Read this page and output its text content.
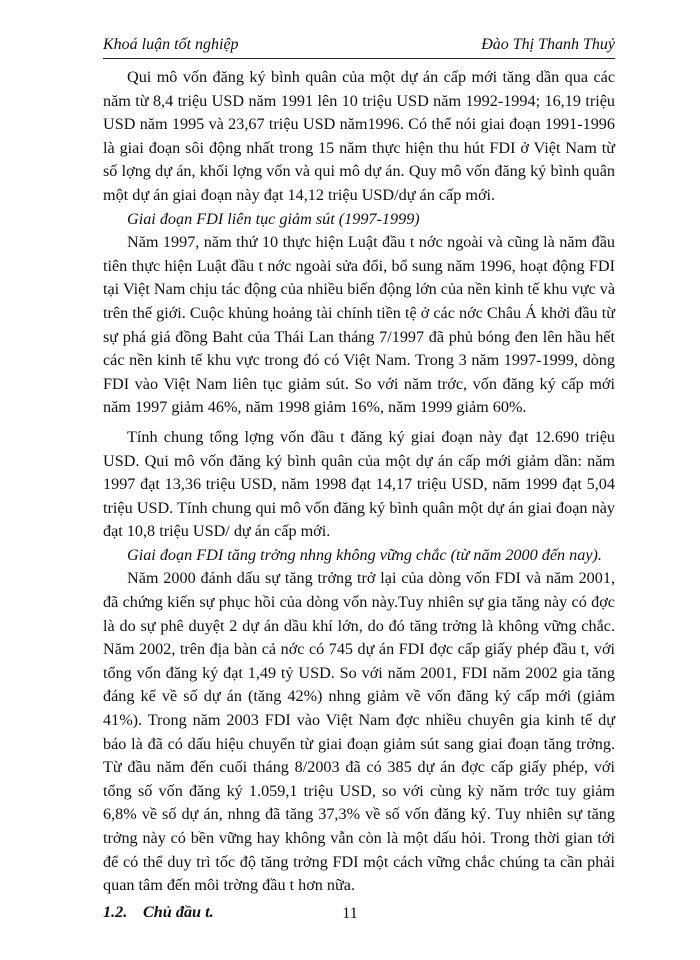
Khoá luận tốt nghiệp	Đào Thị Thanh Thuỷ

Qui mô vốn đăng ký bình quân của một dự án cấp mới tăng dần qua các năm từ 8,4 triệu USD năm 1991 lên 10 triệu USD năm 1992-1994; 16,19 triệu USD năm 1995 và 23,67 triệu USD năm1996. Có thể nói giai đoạn 1991-1996 là giai đoạn sôi động nhất trong 15 năm thực hiện thu hút FDI ở Việt Nam từ số lợng dự án, khối lợng vốn và qui mô dự án. Quy mô vốn đăng ký bình quân một dự án giai đoạn này đạt 14,12 triệu USD/dự án cấp mới.

Giai đoạn FDI liên tục giảm sút (1997-1999)

Năm 1997, năm thứ 10 thực hiện Luật đầu t nớc ngoài và cũng là năm đầu tiên thực hiện Luật đầu t nớc ngoài sửa đổi, bổ sung năm 1996, hoạt động FDI tại Việt Nam chịu tác động của nhiều biến động lớn của nền kinh tế khu vực và trên thế giới. Cuộc khủng hoảng tài chính tiền tệ ở các nớc Châu Á khởi đầu từ sự phá giá đồng Baht của Thái Lan tháng 7/1997 đã phủ bóng đen lên hầu hết các nền kinh tế khu vực trong đó có Việt Nam. Trong 3 năm 1997-1999, dòng FDI vào Việt Nam liên tục giảm sút. So với năm trớc, vốn đăng ký cấp mới năm 1997 giảm 46%, năm 1998 giảm 16%, năm 1999 giảm 60%.

Tính chung tổng lợng vốn đầu t đăng ký giai đoạn này đạt 12.690 triệu USD. Qui mô vốn đăng ký bình quân của một dự án cấp mới giảm dần: năm 1997 đạt 13,36 triệu USD, năm 1998 đạt 14,17 triệu USD, năm 1999 đạt 5,04 triệu USD. Tính chung qui mô vốn đăng ký bình quân một dự án giai đoạn này đạt 10,8 triệu USD/ dự án cấp mới.

Giai đoạn FDI tăng trởng nhng không vững chắc (từ năm 2000 đến nay).

Năm 2000 đánh dấu sự tăng trởng trở lại của dòng vốn FDI và năm 2001, đã chứng kiến sự phục hồi của dòng vốn này.Tuy nhiên sự gia tăng này có đợc là do sự phê duyệt 2 dự án dầu khí lớn, do đó tăng trởng là không vững chắc. Năm 2002, trên địa bàn cả nớc có 745 dự án FDI đợc cấp giấy phép đầu t, với tổng vốn đăng ký đạt 1,49 tỷ USD. So với năm 2001, FDI năm 2002 gia tăng đáng kể về số dự án (tăng 42%) nhng giảm về vốn đăng ký cấp mới (giảm 41%). Trong năm 2003 FDI vào Việt Nam đợc nhiều chuyên gia kinh tế dự báo là đã có dấu hiệu chuyển từ giai đoạn giảm sút sang giai đoạn tăng trởng. Từ đầu năm đến cuối tháng 8/2003 đã có 385 dự án đợc cấp giấy phép, với tổng số vốn đăng ký 1.059,1 triệu USD, so với cùng kỳ năm trớc tuy giảm 6,8% về số dự án, nhng đã tăng 37,3% về số vốn đăng ký. Tuy nhiên sự tăng trởng này có bền vững hay không vẫn còn là một dấu hỏi. Trong thời gian tới để có thể duy trì tốc độ tăng trởng FDI một cách vững chắc chúng ta cần phải quan tâm đến môi trờng đầu t hơn nữa.

1.2. Chủ đầu t.	11
